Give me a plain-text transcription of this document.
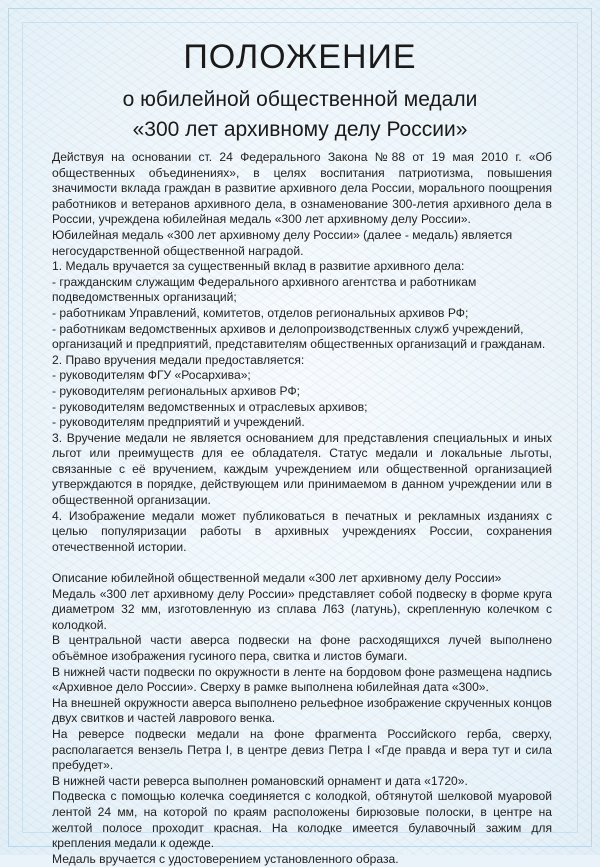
ПОЛОЖЕНИЕ
о юбилейной общественной медали
«300 лет архивному делу России»

Действуя на основании ст. 24 Федерального Закона №88 от 19 мая 2010 г. «Об общественных объединениях», в целях воспитания патриотизма, повышения значимости вклада граждан в развитие архивного дела России, морального поощрения работников и ветеранов архивного дела, в ознаменование 300-летия архивного дела в России, учреждена юбилейная медаль «300 лет архивному делу России».

Юбилейная медаль «300 лет архивному делу России» (далее - медаль) является негосударственной общественной наградой.

1. Медаль вручается за существенный вклад в развитие архивного дела:

- гражданским служащим Федерального архивного агентства и работникам подведомственных организаций;

- работникам Управлений, комитетов, отделов региональных архивов РФ;

- работникам ведомственных архивов и делопроизводственных служб учреждений, организаций и предприятий, представителям общественных организаций и гражданам.

2. Право вручения медали предоставляется:

- руководителям ФГУ «Росархива»;

- руководителям региональных архивов РФ;

- руководителям ведомственных и отраслевых архивов;

- руководителям предприятий и учреждений.

3. Вручение медали не является основанием для представления специальных и иных льгот или преимуществ для ее обладателя. Статус медали и локальные льготы, связанные с её вручением, каждым учреждением или общественной организацией утверждаются в порядке, действующем или принимаемом в данном учреждении или в общественной организации.

4. Изображение медали может публиковаться в печатных и рекламных изданиях с целью популяризации работы в архивных учреждениях России, сохранения отечественной истории.

Описание юбилейной общественной медали «300 лет архивному делу России»

Медаль «300 лет архивному делу России» представляет собой подвеску в форме круга диаметром 32 мм, изготовленную из сплава Л63 (латунь), скрепленную колечком с колодкой.

В центральной части аверса подвески на фоне расходящихся лучей выполнено объёмное изображения гусиного пера, свитка и листов бумаги.

В нижней части подвески по окружности в ленте на бордовом фоне размещена надпись «Архивное дело России». Сверху в рамке выполнена юбилейная дата «300».

На внешней окружности аверса выполнено рельефное изображение скрученных концов двух свитков и частей лаврового венка.

На реверсе подвески медали на фоне фрагмента Российского герба, сверху, располагается вензель Петра I, в центре девиз Петра I «Где правда и вера тут и сила пребудет».

В нижней части реверса выполнен романовский орнамент и дата «1720».

Подвеска с помощью колечка соединяется с колодкой, обтянутой шелковой муаровой лентой 24 мм, на которой по краям расположены бирюзовые полоски, в центре на желтой полосе проходит красная. На колодке имеется булавочный зажим для крепления медали к одежде.

Медаль вручается с удостоверением установленного образа.
